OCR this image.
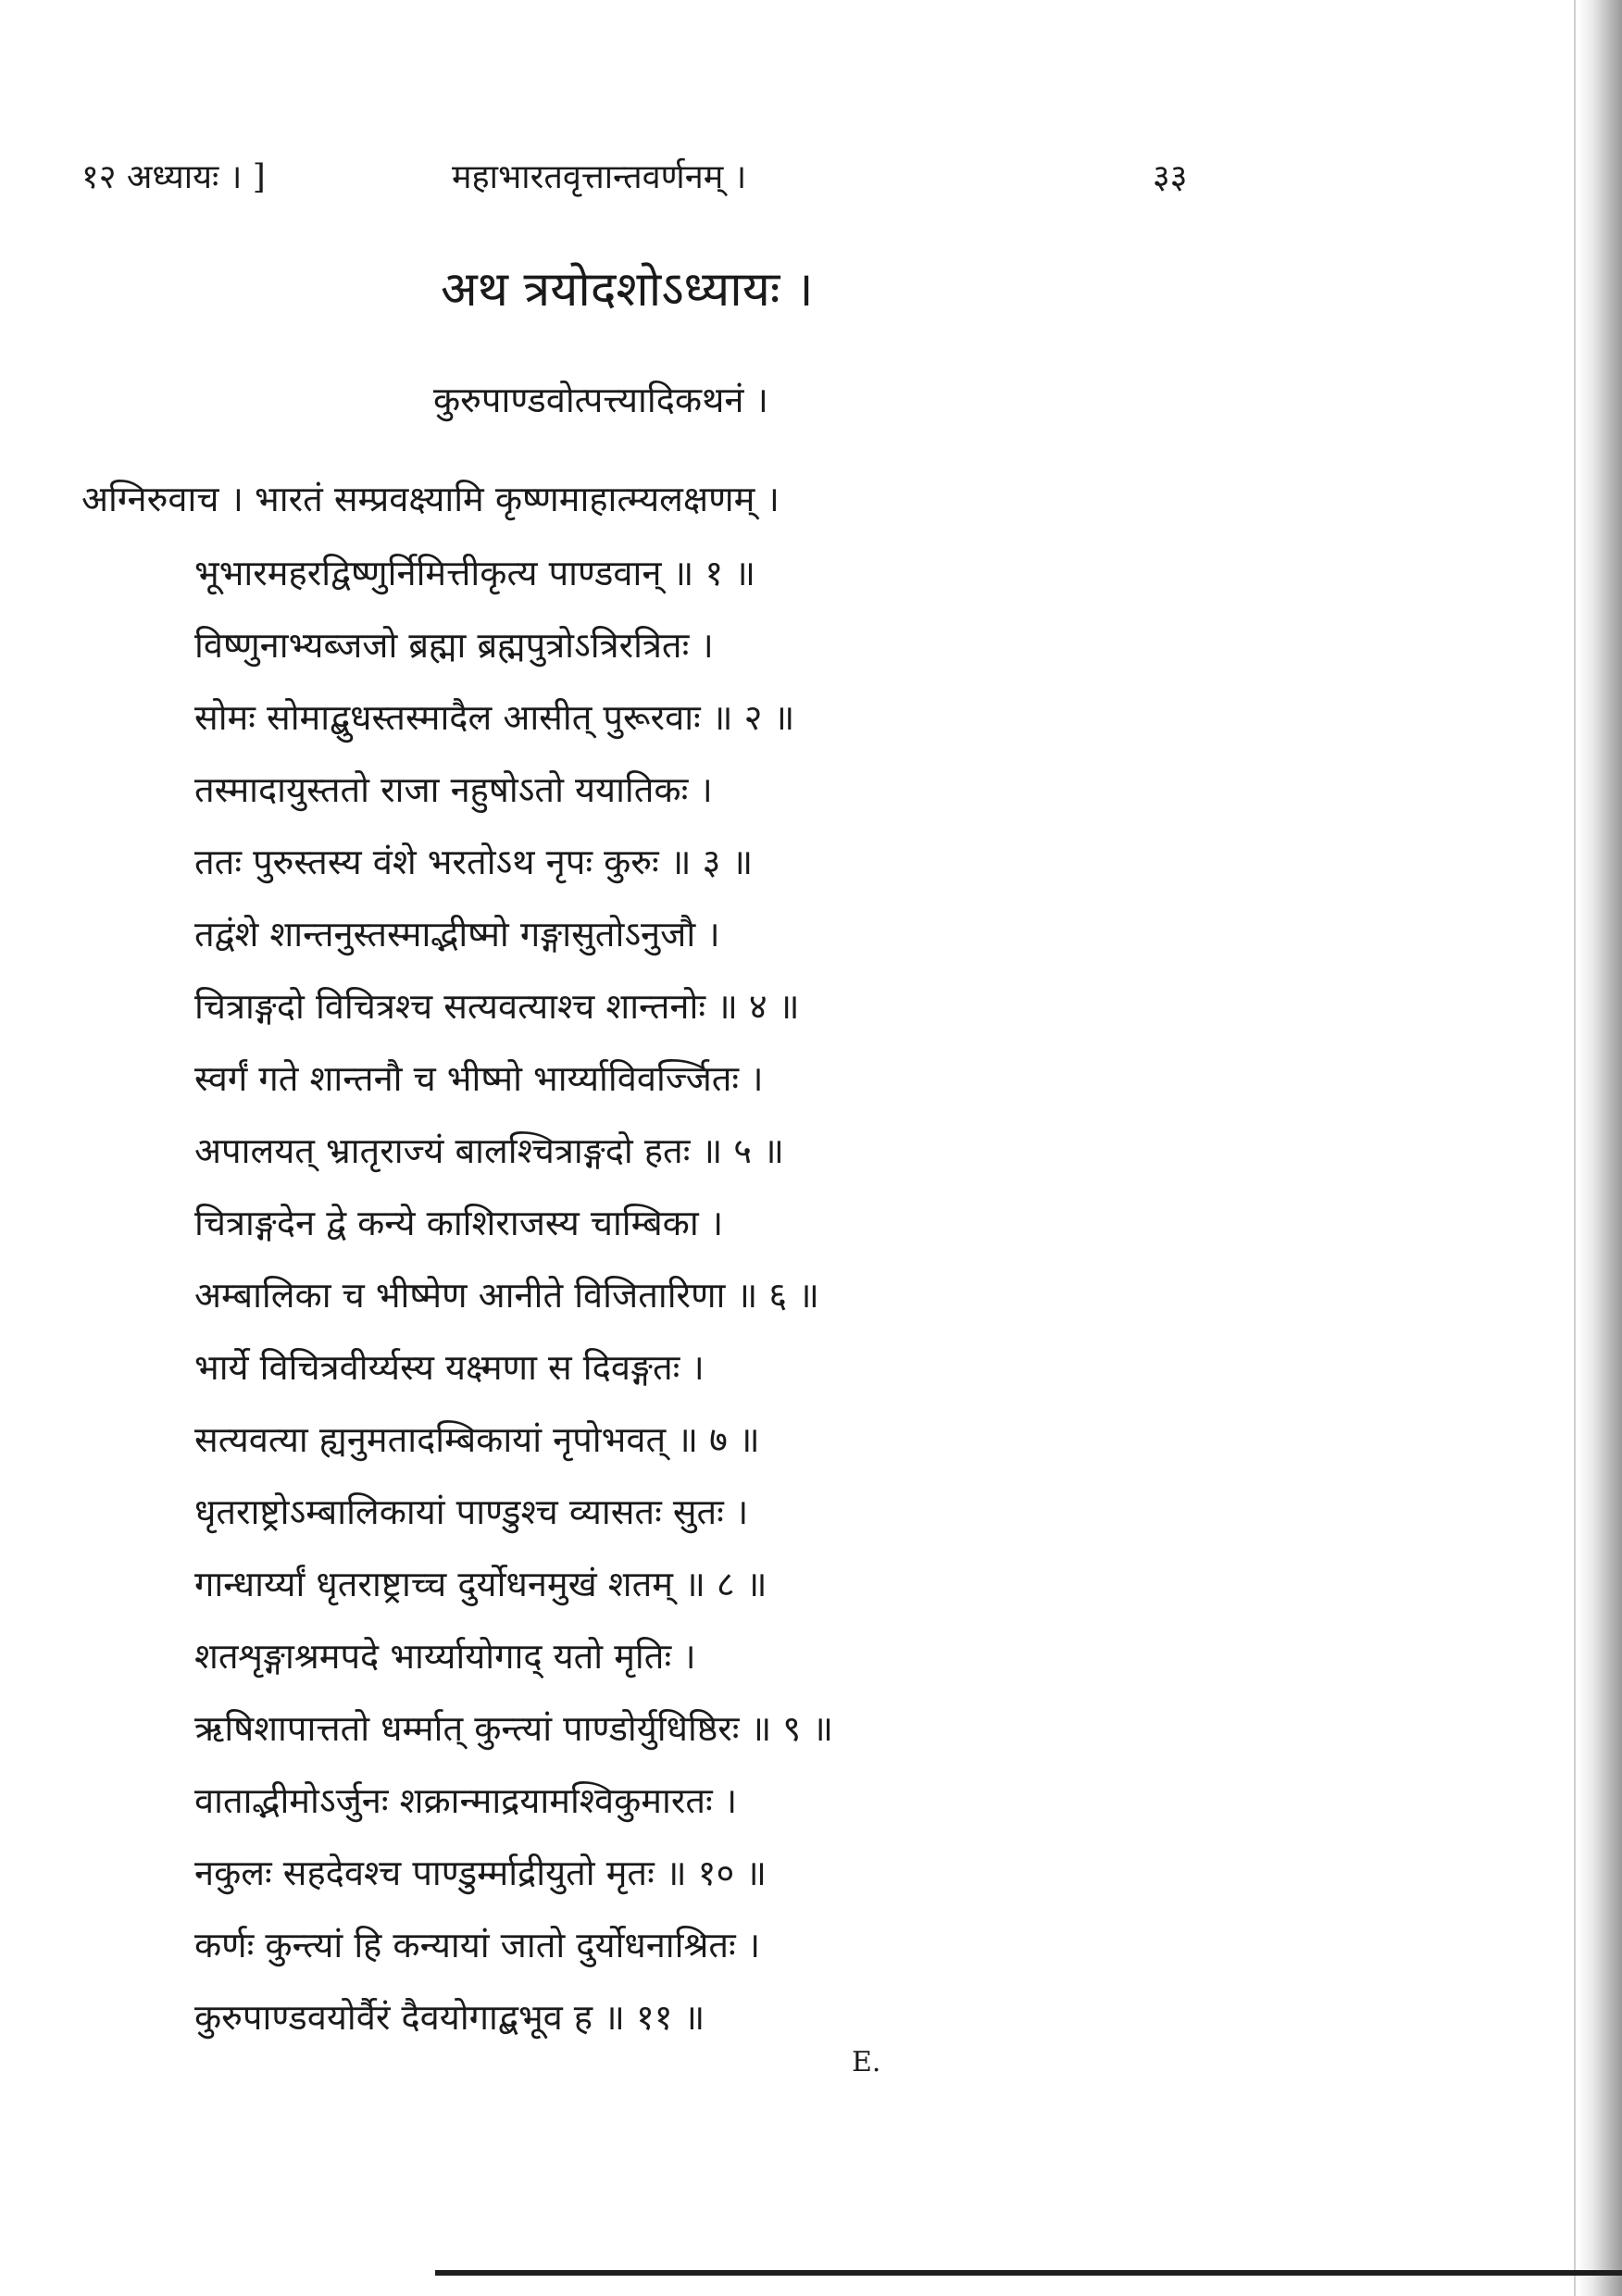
१२ अध्यायः । ]	महाभारतवृत्तान्तवर्णनम् ।	३३
अथ त्रयोदशोऽध्यायः ।
कुरुपाण्डवोत्पत्त्यादिकथनं ।
अग्निरुवाच । भारतं सम्प्रवक्ष्यामि कृष्णमाहात्म्यलक्षणम् ।
भूभारमहरद्विष्णुर्निमित्तीकृत्य पाण्डवान् ॥ १ ॥
विष्णुनाभ्यब्जजो ब्रह्मा ब्रह्मपुत्रोऽत्रिरत्रितः ।
सोमः सोमाद्बुधस्तस्मादैल आसीत् पुरूरवाः ॥ २ ॥
तस्मादायुस्ततो राजा नहुषोऽतो ययातिकः ।
ततः पुरुस्तस्य वंशे भरतोऽथ नृपः कुरुः ॥ ३ ॥
तद्वंशे शान्तनुस्तस्माद्भीष्मो गङ्गासुतोऽनुजौ ।
चित्राङ्गदो विचित्रश्च सत्यवत्याश्च शान्तनोः ॥ ४ ॥
स्वर्गं गते शान्तनौ च भीष्मो भार्य्याविवर्ज्जितः ।
अपालयत् भ्रातृराज्यं बालश्चित्राङ्गदो हतः ॥ ५ ॥
चित्राङ्गदेन द्वे कन्ये काशिराजस्य चाम्बिका ।
अम्बालिका च भीष्मेण आनीते विजितारिणा ॥ ६ ॥
भार्ये विचित्रवीर्य्यस्य यक्ष्मणा स दिवङ्गतः ।
सत्यवत्या ह्यनुमतादम्बिकायां नृपोभवत् ॥ ७ ॥
धृतराष्ट्रोऽम्बालिकायां पाण्डुश्च व्यासतः सुतः ।
गान्धार्य्यां धृतराष्ट्राच्च दुर्योधनमुखं शतम् ॥ ८ ॥
शतशृङ्गाश्रमपदे भार्य्यायोगाद् यतो मृतिः ।
ऋषिशापात्ततो धर्म्मात् कुन्त्यां पाण्डोर्युधिष्ठिरः ॥ ९ ॥
वाताद्भीमोऽर्जुनः शक्रान्माद्रयामश्विकुमारतः ।
नकुलः सहदेवश्च पाण्डुर्म्माद्रीयुतो मृतः ॥ १० ॥
कर्णः कुन्त्यां हि कन्यायां जातो दुर्योधनाश्रितः ।
कुरुपाण्डवयोर्वैरं दैवयोगाद्बभूव ह ॥ ११ ॥
E.
